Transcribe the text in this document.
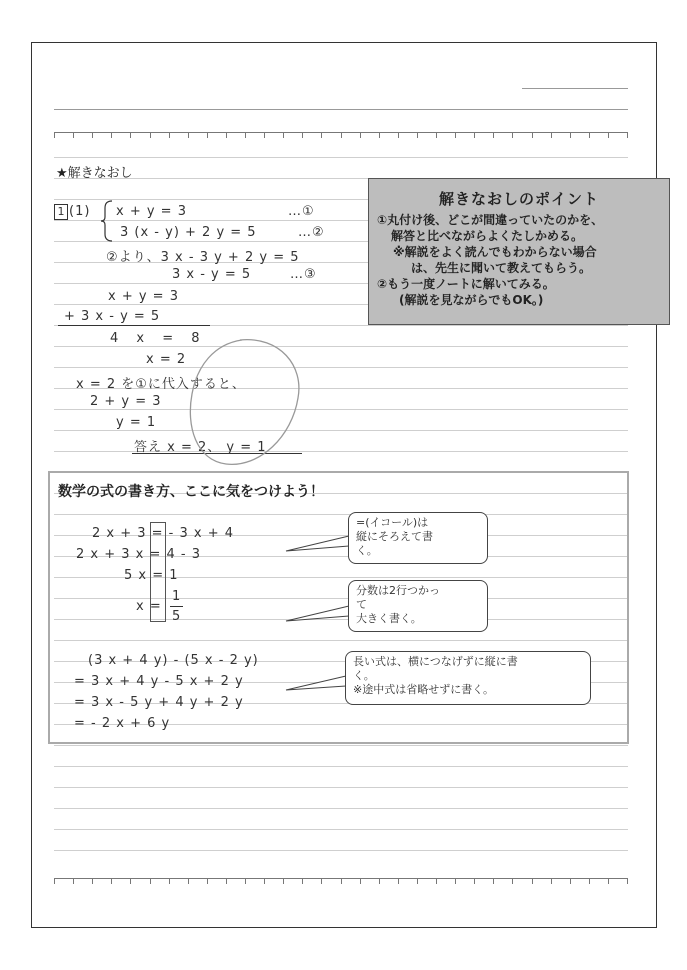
★解きなおし
1 (1) x + y = 3	…①
3 (x - y) + 2 y = 5	…②
②より、3 x - 3 y + 2 y = 5
3 x - y = 5	…③
x + y = 3
+ 3 x - y = 5
4 x = 8
x = 2
x = 2 を①に代入すると、
2 + y = 3
y = 1
答え x = 2、 y = 1
解きなおしのポイント
①丸付け後、どこが間違っていたのかを、
解答と比べながらよくたしかめる。
※解説をよく読んでもわからない場合
は、先生に聞いて教えてもらう。
②もう一度ノートに解いてみる。
(解説を見ながらでもOK。)
数学の式の書き方、ここに気をつけよう！
2 x + 3 = - 3 x + 4
2 x + 3 x = 4 - 3
5 x = 1
x =
1
5
(3 x + 4 y) - (5 x - 2 y)
= 3 x + 4 y - 5 x + 2 y
= 3 x - 5 y + 4 y + 2 y
= - 2 x + 6 y
=(イコール)は
縦にそろえて書
く。
分数は2行つかっ
て
大きく書く。
長い式は、横につなげずに縦に書
く。
※途中式は省略せずに書く。
